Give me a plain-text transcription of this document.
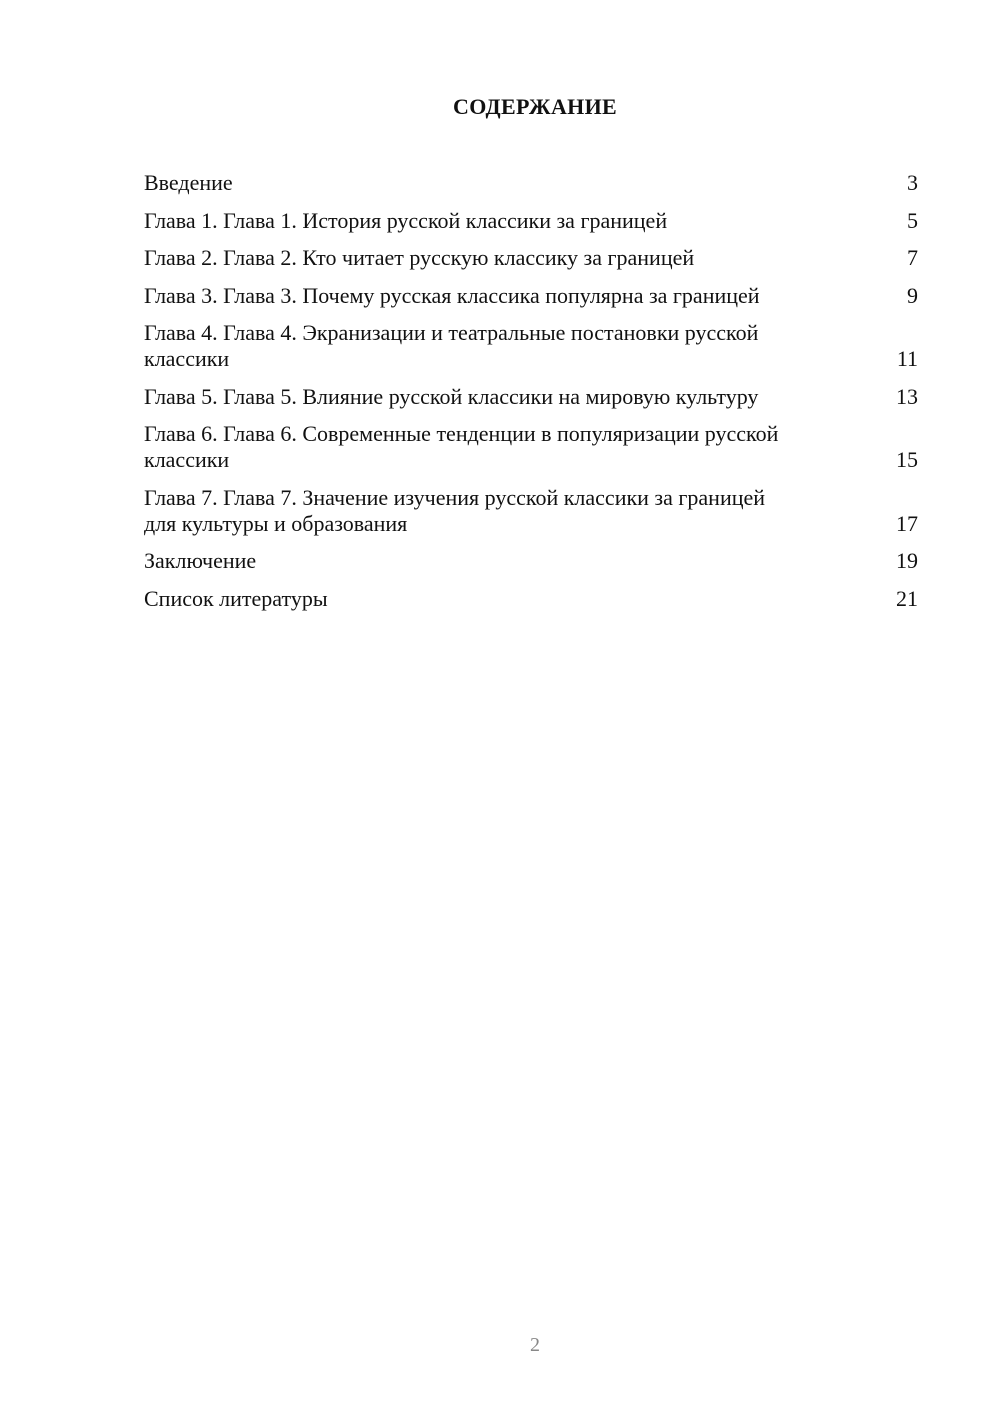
СОДЕРЖАНИЕ
Введение	3
Глава 1. Глава 1. История русской классики за границей	5
Глава 2. Глава 2. Кто читает русскую классику за границей	7
Глава 3. Глава 3. Почему русская классика популярна за границей	9
Глава 4. Глава 4. Экранизации и театральные постановки русской классики	11
Глава 5. Глава 5. Влияние русской классики на мировую культуру	13
Глава 6. Глава 6. Современные тенденции в популяризации русской классики	15
Глава 7. Глава 7. Значение изучения русской классики за границей для культуры и образования	17
Заключение	19
Список литературы	21
2
